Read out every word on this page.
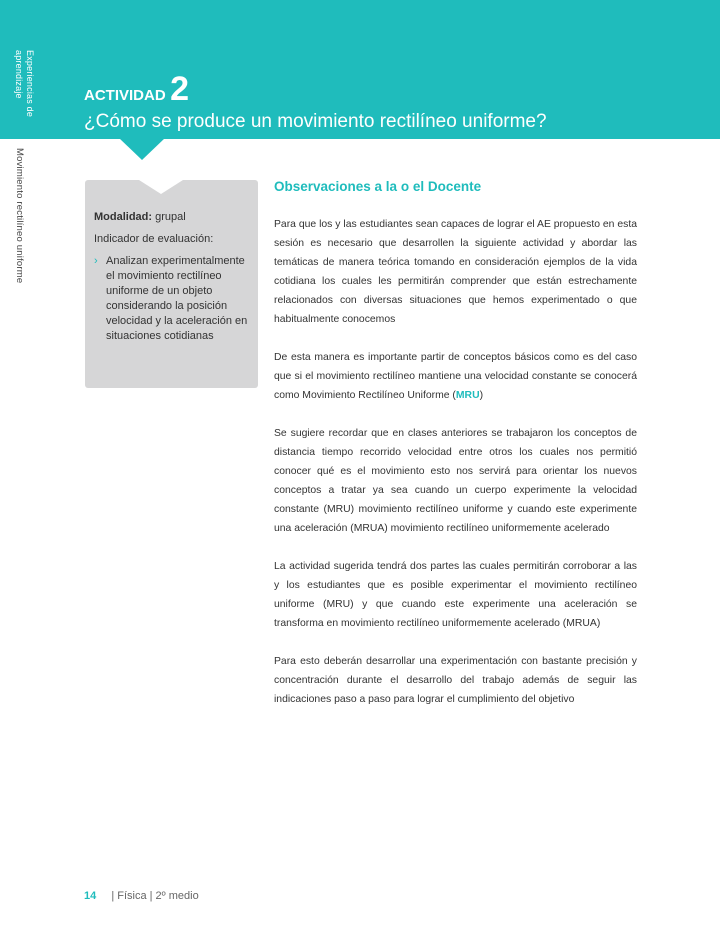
Experiencias de aprendizaje
Movimiento rectilíneo uniforme
ACTIVIDAD 2
¿Cómo se produce un movimiento rectilíneo uniforme?

Modalidad: grupal

Indicador de evaluación:

› Analizan experimentalmente el movimiento rectilíneo uniforme de un objeto considerando la posición velocidad y la aceleración en situaciones cotidianas
Observaciones a la o el Docente

Para que los y las estudiantes sean capaces de lograr el AE propuesto en esta sesión es necesario que desarrollen la siguiente actividad y abordar las temáticas de manera teórica tomando en consideración ejemplos de la vida cotidiana los cuales les permitirán comprender que están estrechamente relacionados con diversas situaciones que hemos experimentado o que habitualmente conocemos

De esta manera es importante partir de conceptos básicos como es del caso que si el movimiento rectilíneo mantiene una velocidad constante se conocerá como Movimiento Rectilíneo Uniforme (MRU)

Se sugiere recordar que en clases anteriores se trabajaron los conceptos de distancia tiempo recorrido velocidad entre otros los cuales nos permitió conocer qué es el movimiento esto nos servirá para orientar los nuevos conceptos a tratar ya sea cuando un cuerpo experimente la velocidad constante (MRU) movimiento rectilíneo uniforme y cuando este experimente una aceleración (MRUA) movimiento rectilíneo uniformemente acelerado

La actividad sugerida tendrá dos partes las cuales permitirán corroborar a las y los estudiantes que es posible experimentar el movimiento rectilíneo uniforme (MRU) y que cuando este experimente una aceleración se transforma en movimiento rectilíneo uniformemente acelerado (MRUA)

Para esto deberán desarrollar una experimentación con bastante precisión y concentración durante el desarrollo del trabajo además de seguir las indicaciones paso a paso para lograr el cumplimiento del objetivo

14 | Física | 2º medio
